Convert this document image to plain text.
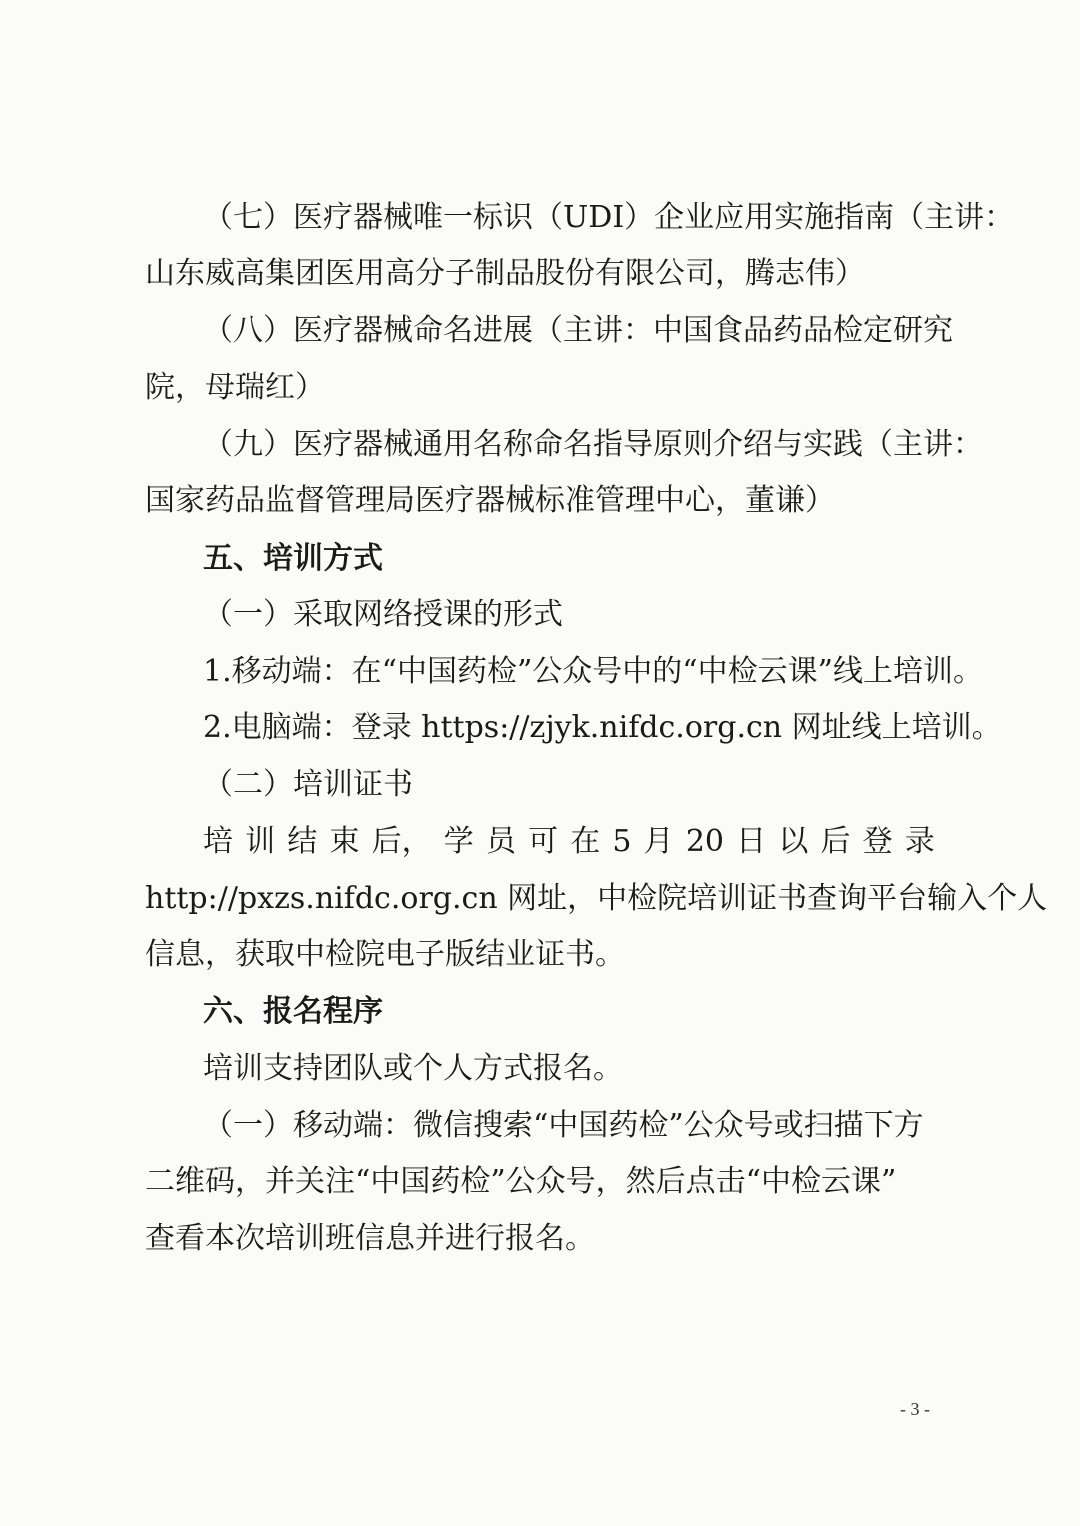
（七）医疗器械唯一标识（UDI）企业应用实施指南（主讲：
山东威高集团医用高分子制品股份有限公司，腾志伟）
（八）医疗器械命名进展（主讲：中国食品药品检定研究
院，母瑞红）
（九）医疗器械通用名称命名指导原则介绍与实践（主讲：
国家药品监督管理局医疗器械标准管理中心，董谦）
五、培训方式
（一）采取网络授课的形式
1.移动端：在“中国药检”公众号中的“中检云课”线上培训。
2.电脑端：登录 https://zjyk.nifdc.org.cn 网址线上培训。
（二）培训证书
培 训 结 束 后， 学 员 可 在 5 月 20 日 以 后 登 录
http://pxzs.nifdc.org.cn 网址，中检院培训证书查询平台输入个人
信息，获取中检院电子版结业证书。
六、报名程序
培训支持团队或个人方式报名。
（一）移动端：微信搜索“中国药检”公众号或扫描下方
二维码，并关注“中国药检”公众号，然后点击“中检云课”
查看本次培训班信息并进行报名。
- 3 -
